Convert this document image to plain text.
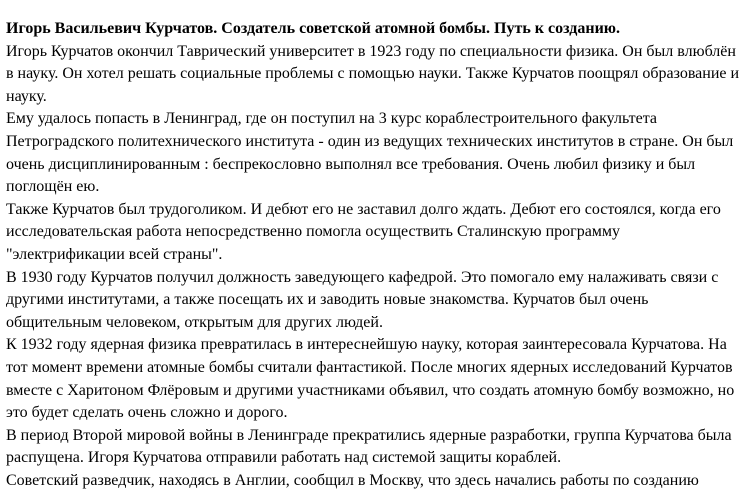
Игорь Васильевич Курчатов. Создатель советской атомной бомбы. Путь к созданию.

Игорь Курчатов окончил Таврический университет в 1923 году по специальности физика. Он был влюблён в науку. Он хотел решать социальные проблемы с помощью науки. Также Курчатов поощрял образование и науку.

Ему удалось попасть в Ленинград, где он поступил на 3 курс кораблестроительного факультета Петроградского политехнического института - один из ведущих технических институтов в стране. Он был очень дисциплинированным : беспрекословно выполнял все требования. Очень любил физику и был поглощён ею.

Также Курчатов был трудоголиком. И дебют его не заставил долго ждать. Дебют его состоялся, когда его исследовательская работа непосредственно помогла осуществить Сталинскую программу "электрификации всей страны".

В 1930 году Курчатов получил должность заведующего кафедрой. Это помогало ему налаживать связи с другими институтами, а также посещать их и заводить новые знакомства. Курчатов был очень общительным человеком, открытым для других людей.

К 1932 году ядерная физика превратилась в интереснейшую науку, которая заинтересовала Курчатова. На тот момент времени атомные бомбы считали фантастикой. После многих ядерных исследований Курчатов вместе с Харитоном Флёровым и другими участниками объявил, что создать атомную бомбу возможно, но это будет сделать очень сложно и дорого.

В период Второй мировой войны в Ленинграде прекратились ядерные разработки, группа Курчатова была распущена. Игоря Курчатова отправили работать над системой защиты кораблей.

Советский разведчик, находясь в Англии, сообщил в Москву, что здесь начались работы по созданию
